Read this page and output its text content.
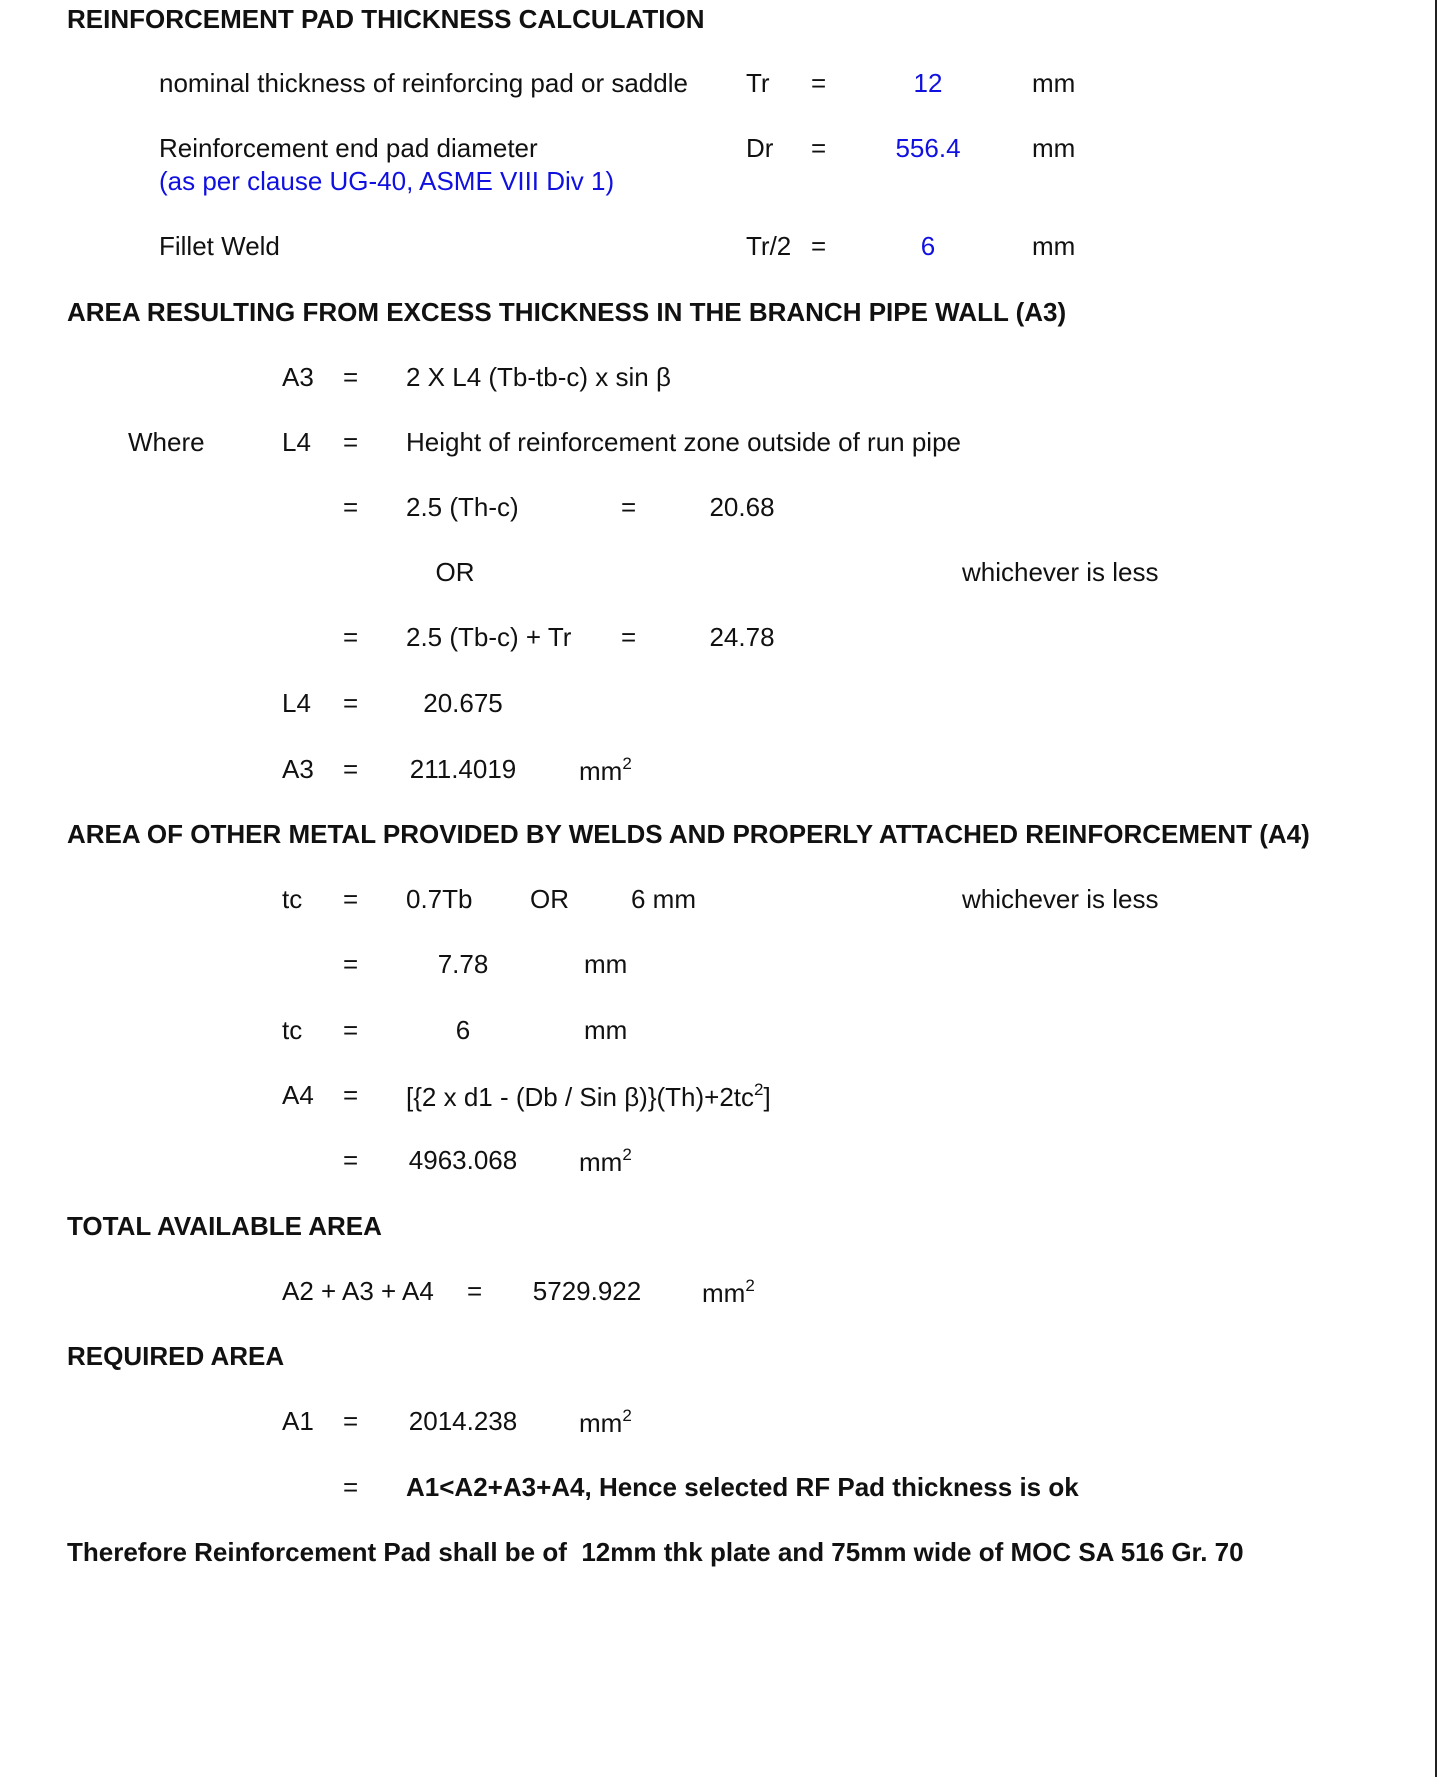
REINFORCEMENT PAD THICKNESS CALCULATION
nominal thickness of reinforcing pad or saddle Tr =	12	mm
Reinforcement end pad diameter
(as per clause UG-40, ASME VIII Div 1)
Dr =	556.4	mm
Fillet Weld	Tr/2 =	6	mm
AREA RESULTING FROM EXCESS THICKNESS IN THE BRANCH PIPE WALL (A3)
A3 = 2 X L4 (Tb-tb-c) x sin β
Where	L4 = Height of reinforcement zone outside of run pipe
= 2.5 (Th-c)	=	20.68
OR	whichever is less
= 2.5 (Tb-c) + Tr =	24.78
L4 =	20.675
A3 = 211.4019 $mm^2$
AREA OF OTHER METAL PROVIDED BY WELDS AND PROPERLY ATTACHED REINFORCEMENT (A4)
tc = 0.7Tb OR 6 mm	whichever is less
=	7.78	mm
tc =	6	mm
A4 = [{2 x d1 - (Db / Sin $\beta)\}(Th)+2tc^2$]
= 4963.068 $mm^2$
TOTAL AVAILABLE AREA
A2 + A3 + A4 = 5729.922 $mm^2$
REQUIRED AREA
A1 = 2014.238 $mm^2$
= A1<A2+A3+A4, Hence selected RF Pad thickness is ok
Therefore Reinforcement Pad shall be of  12mm thk plate and 75mm wide of MOC SA 516 Gr. 70
